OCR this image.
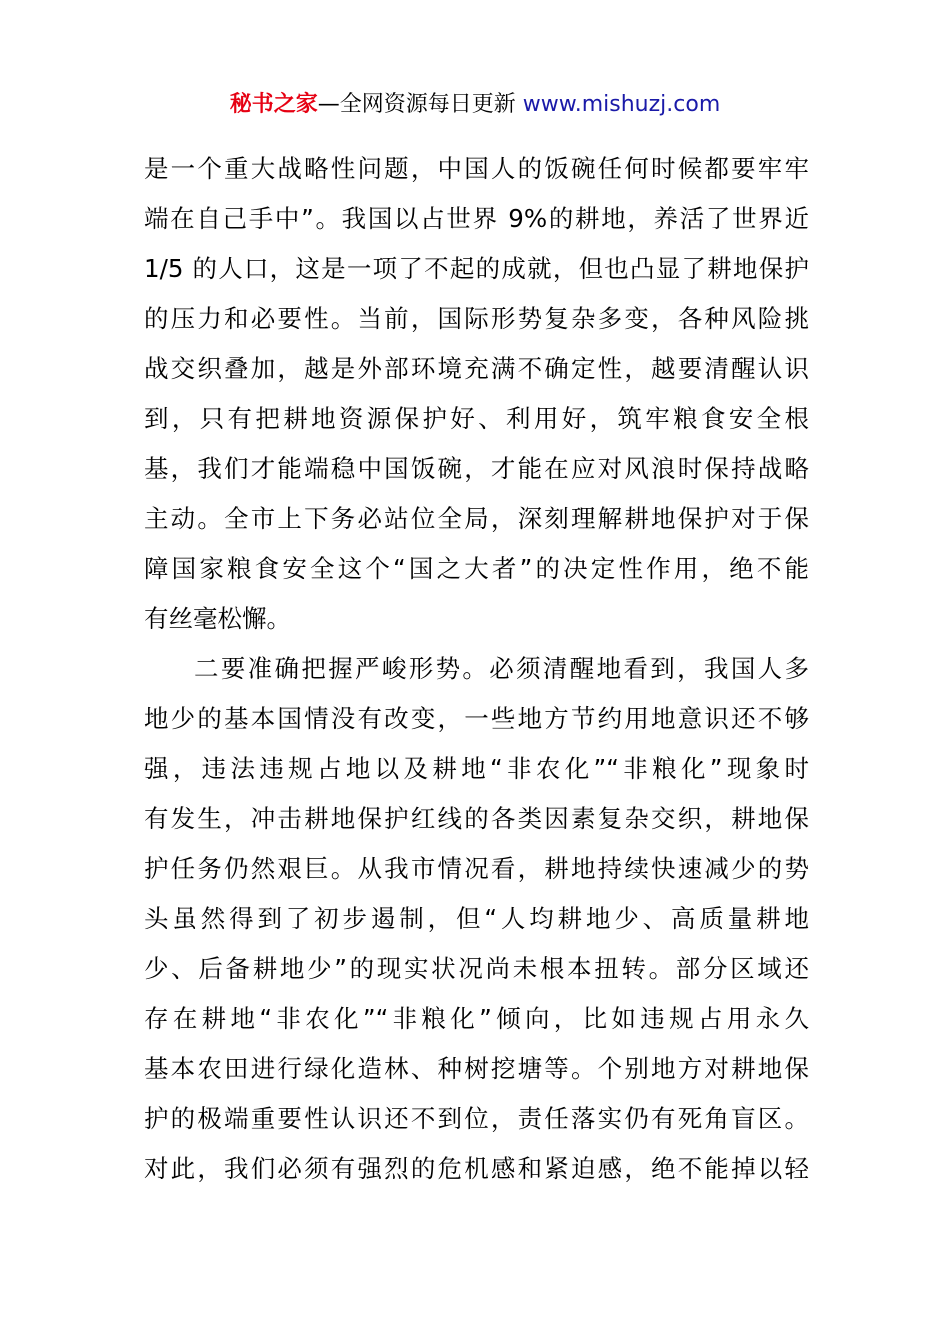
秘书之家—全网资源每日更新 www.mishuzj.com
是一个重大战略性问题，中国人的饭碗任何时候都要牢牢
端在自己手中”。我国以占世界 9%的耕地，养活了世界近
1/5 的人口，这是一项了不起的成就，但也凸显了耕地保护
的压力和必要性。当前，国际形势复杂多变，各种风险挑
战交织叠加，越是外部环境充满不确定性，越要清醒认识
到，只有把耕地资源保护好、利用好，筑牢粮食安全根
基，我们才能端稳中国饭碗，才能在应对风浪时保持战略
主动。全市上下务必站位全局，深刻理解耕地保护对于保
障国家粮食安全这个“国之大者”的决定性作用，绝不能
有丝毫松懈。
二要准确把握严峻形势。必须清醒地看到，我国人多
地少的基本国情没有改变，一些地方节约用地意识还不够
强，违法违规占地以及耕地“非农化”“非粮化”现象时
有发生，冲击耕地保护红线的各类因素复杂交织，耕地保
护任务仍然艰巨。从我市情况看，耕地持续快速减少的势
头虽然得到了初步遏制，但“人均耕地少、高质量耕地
少、后备耕地少”的现实状况尚未根本扭转。部分区域还
存在耕地“非农化”“非粮化”倾向，比如违规占用永久
基本农田进行绿化造林、种树挖塘等。个别地方对耕地保
护的极端重要性认识还不到位，责任落实仍有死角盲区。
对此，我们必须有强烈的危机感和紧迫感，绝不能掉以轻
